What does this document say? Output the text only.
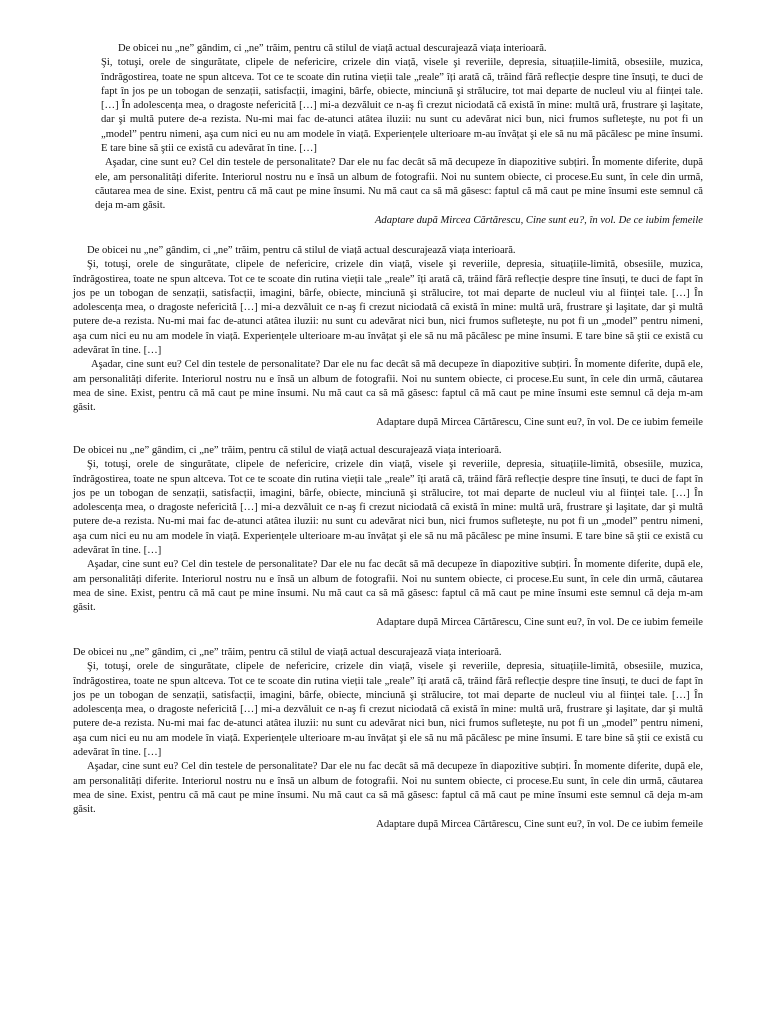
De obicei nu „ne” gândim, ci „ne” trăim, pentru că stilul de viață actual descurajează viața interioară.

Şi, totuşi, orele de singurătate, clipele de nefericire, crizele din viață, visele şi reveriile, depresia, situațiile-limită, obsesiile, muzica, îndrăgostirea, toate ne spun altceva. Tot ce te scoate din rutina vieții tale „reale” îți arată că, trăind fără reflecție despre tine însuți, te duci de fapt în jos pe un tobogan de senzații, satisfacții, imagini, bârfe, obiecte, minciună şi strălucire, tot mai departe de nucleul viu al ființei tale. […] În adolescența mea, o dragoste nefericită […] mi-a dezvăluit ce n-aş fi crezut niciodată că există în mine: multă ură, frustrare şi laşitate, dar şi multă putere de-a rezista. Nu-mi mai fac de-atunci atâtea iluzii: nu sunt cu adevărat nici bun, nici frumos sufleteşte, nu pot fi un „model” pentru nimeni, aşa cum nici eu nu am modele în viață. Experiențele ulterioare m-au învățat şi ele să nu mă păcălesc pe mine însumi. E tare bine să ştii ce există cu adevărat în tine. […]

Aşadar, cine sunt eu? Cel din testele de personalitate? Dar ele nu fac decât să mă decupeze în diapozitive subțiri. În momente diferite, după ele, am personalități diferite. Interiorul nostru nu e însă un album de fotografii. Noi nu suntem obiecte, ci procese.Eu sunt, în cele din urmă, căutarea mea de sine. Exist, pentru că mă caut pe mine însumi. Nu mă caut ca să mă găsesc: faptul că mă caut pe mine însumi este semnul că deja m-am găsit.

Adaptare după Mircea Cărtărescu, Cine sunt eu?, în vol. De ce iubim femeile

De obicei nu „ne” gândim, ci „ne” trăim, pentru că stilul de viață actual descurajează viața interioară.

Şi, totuşi, orele de singurătate, clipele de nefericire, crizele din viață, visele şi reveriile, depresia, situațiile-limită, obsesiile, muzica, îndrăgostirea, toate ne spun altceva. Tot ce te scoate din rutina vieții tale „reale” îți arată că, trăind fără reflecție despre tine însuți, te duci de fapt în jos pe un tobogan de senzații, satisfacții, imagini, bârfe, obiecte, minciună şi strălucire, tot mai departe de nucleul viu al ființei tale. […] În adolescența mea, o dragoste nefericită […] mi-a dezvăluit ce n-aş fi crezut niciodată că există în mine: multă ură, frustrare şi laşitate, dar şi multă putere de-a rezista. Nu-mi mai fac de-atunci atâtea iluzii: nu sunt cu adevărat nici bun, nici frumos sufleteşte, nu pot fi un „model” pentru nimeni, aşa cum nici eu nu am modele în viață. Experiențele ulterioare m-au învățat şi ele să nu mă păcălesc pe mine însumi. E tare bine să ştii ce există cu adevărat în tine. […]

Aşadar, cine sunt eu? Cel din testele de personalitate? Dar ele nu fac decât să mă decupeze în diapozitive subțiri. În momente diferite, după ele, am personalități diferite. Interiorul nostru nu e însă un album de fotografii. Noi nu suntem obiecte, ci procese.Eu sunt, în cele din urmă, căutarea mea de sine. Exist, pentru că mă caut pe mine însumi. Nu mă caut ca să mă găsesc: faptul că mă caut pe mine însumi este semnul că deja m-am găsit.

Adaptare după Mircea Cărtărescu, Cine sunt eu?, în vol. De ce iubim femeile

De obicei nu „ne” gândim, ci „ne” trăim, pentru că stilul de viață actual descurajează viața interioară.

Şi, totuşi, orele de singurătate, clipele de nefericire, crizele din viață, visele şi reveriile, depresia, situațiile-limită, obsesiile, muzica, îndrăgostirea, toate ne spun altceva. Tot ce te scoate din rutina vieții tale „reale” îți arată că, trăind fără reflecție despre tine însuți, te duci de fapt în jos pe un tobogan de senzații, satisfacții, imagini, bârfe, obiecte, minciună şi strălucire, tot mai departe de nucleul viu al ființei tale. […] În adolescența mea, o dragoste nefericită […] mi-a dezvăluit ce n-aş fi crezut niciodată că există în mine: multă ură, frustrare şi laşitate, dar şi multă putere de-a rezista. Nu-mi mai fac de-atunci atâtea iluzii: nu sunt cu adevărat nici bun, nici frumos sufleteşte, nu pot fi un „model” pentru nimeni, aşa cum nici eu nu am modele în viață. Experiențele ulterioare m-au învățat şi ele să nu mă păcălesc pe mine însumi. E tare bine să ştii ce există cu adevărat în tine. […]

Aşadar, cine sunt eu? Cel din testele de personalitate? Dar ele nu fac decât să mă decupeze în diapozitive subțiri. În momente diferite, după ele, am personalități diferite. Interiorul nostru nu e însă un album de fotografii. Noi nu suntem obiecte, ci procese.Eu sunt, în cele din urmă, căutarea mea de sine. Exist, pentru că mă caut pe mine însumi. Nu mă caut ca să mă găsesc: faptul că mă caut pe mine însumi este semnul că deja m-am găsit.

Adaptare după Mircea Cărtărescu, Cine sunt eu?, în vol. De ce iubim femeile

De obicei nu „ne” gândim, ci „ne” trăim, pentru că stilul de viață actual descurajează viața interioară.

Şi, totuşi, orele de singurătate, clipele de nefericire, crizele din viață, visele şi reveriile, depresia, situațiile-limită, obsesiile, muzica, îndrăgostirea, toate ne spun altceva. Tot ce te scoate din rutina vieții tale „reale” îți arată că, trăind fără reflecție despre tine însuți, te duci de fapt în jos pe un tobogan de senzații, satisfacții, imagini, bârfe, obiecte, minciună şi strălucire, tot mai departe de nucleul viu al ființei tale. […] În adolescența mea, o dragoste nefericită […] mi-a dezvăluit ce n-aş fi crezut niciodată că există în mine: multă ură, frustrare şi laşitate, dar şi multă putere de-a rezista. Nu-mi mai fac de-atunci atâtea iluzii: nu sunt cu adevărat nici bun, nici frumos sufleteşte, nu pot fi un „model” pentru nimeni, aşa cum nici eu nu am modele în viață. Experiențele ulterioare m-au învățat şi ele să nu mă păcălesc pe mine însumi. E tare bine să ştii ce există cu adevărat în tine. […]

Aşadar, cine sunt eu? Cel din testele de personalitate? Dar ele nu fac decât să mă decupeze în diapozitive subțiri. În momente diferite, după ele, am personalități diferite. Interiorul nostru nu e însă un album de fotografii. Noi nu suntem obiecte, ci procese.Eu sunt, în cele din urmă, căutarea mea de sine. Exist, pentru că mă caut pe mine însumi. Nu mă caut ca să mă găsesc: faptul că mă caut pe mine însumi este semnul că deja m-am găsit.

Adaptare după Mircea Cărtărescu, Cine sunt eu?, în vol. De ce iubim femeile
